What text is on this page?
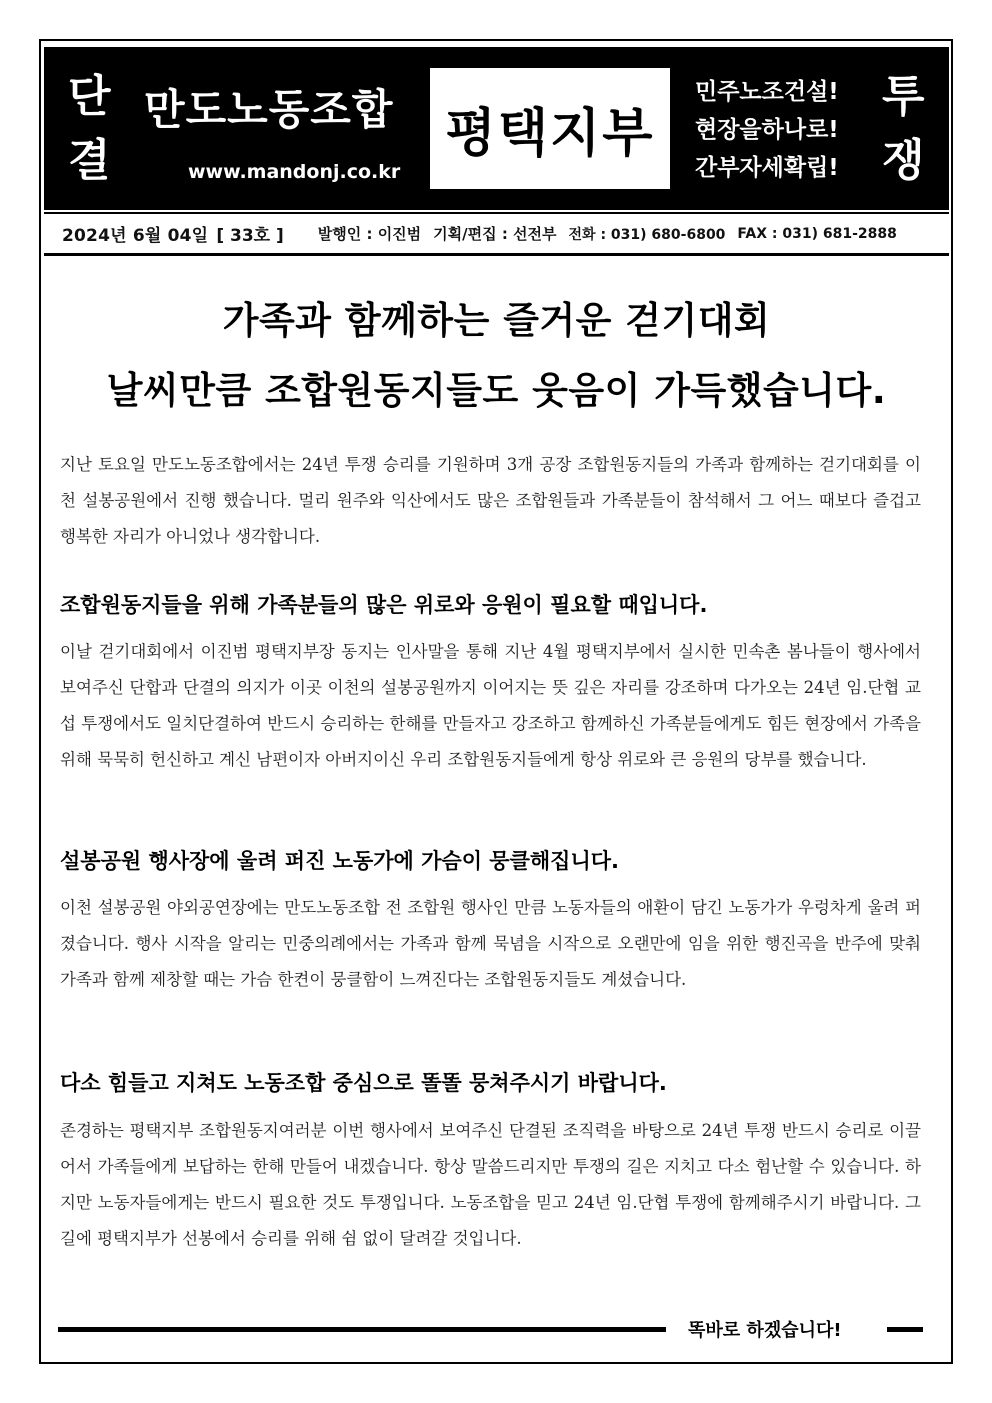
단
결
만도노동조합
www.mandonj.co.kr
평택지부
민주노조건설!
현장을하나로!
간부자세확립!
투
쟁
2024년 6월 04일 [ 33호 ] 발행인 : 이진범 기획/편집 : 선전부 전화 : 031) 680-6800 FAX : 031) 681-2888
가족과 함께하는 즐거운 걷기대회
날씨만큼 조합원동지들도 웃음이 가득했습니다.

지난 토요일 만도노동조합에서는 24년 투쟁 승리를 기원하며 3개 공장 조합원동지들의 가족과 함께하는 걷기대회를 이천 설봉공원에서 진행 했습니다. 멀리 원주와 익산에서도 많은 조합원들과 가족분들이 참석해서 그 어느 때보다 즐겁고 행복한 자리가 아니었나 생각합니다.

조합원동지들을 위해 가족분들의 많은 위로와 응원이 필요할 때입니다.

이날 걷기대회에서 이진범 평택지부장 동지는 인사말을 통해 지난 4월 평택지부에서 실시한 민속촌 봄나들이 행사에서 보여주신 단합과 단결의 의지가 이곳 이천의 설봉공원까지 이어지는 뜻 깊은 자리를 강조하며 다가오는 24년 임.단협 교섭 투쟁에서도 일치단결하여 반드시 승리하는 한해를 만들자고 강조하고 함께하신 가족분들에게도 힘든 현장에서 가족을 위해 묵묵히 헌신하고 계신 남편이자 아버지이신 우리 조합원동지들에게 항상 위로와 큰 응원의 당부를 했습니다.

설봉공원 행사장에 울려 퍼진 노동가에 가슴이 뭉클해집니다.

이천 설봉공원 야외공연장에는 만도노동조합 전 조합원 행사인 만큼 노동자들의 애환이 담긴 노동가가 우렁차게 울려 퍼졌습니다. 행사 시작을 알리는 민중의례에서는 가족과 함께 묵념을 시작으로 오랜만에 임을 위한 행진곡을 반주에 맞춰 가족과 함께 제창할 때는 가슴 한켠이 뭉클함이 느껴진다는 조합원동지들도 계셨습니다.

다소 힘들고 지쳐도 노동조합 중심으로 똘똘 뭉쳐주시기 바랍니다.

존경하는 평택지부 조합원동지여러분 이번 행사에서 보여주신 단결된 조직력을 바탕으로 24년 투쟁 반드시 승리로 이끌어서 가족들에게 보답하는 한해 만들어 내겠습니다. 항상 말씀드리지만 투쟁의 길은 지치고 다소 험난할 수 있습니다. 하지만 노동자들에게는 반드시 필요한 것도 투쟁입니다. 노동조합을 믿고 24년 임.단협 투쟁에 함께해주시기 바랍니다. 그 길에 평택지부가 선봉에서 승리를 위해 쉼 없이 달려갈 것입니다.

똑바로 하겠습니다!
